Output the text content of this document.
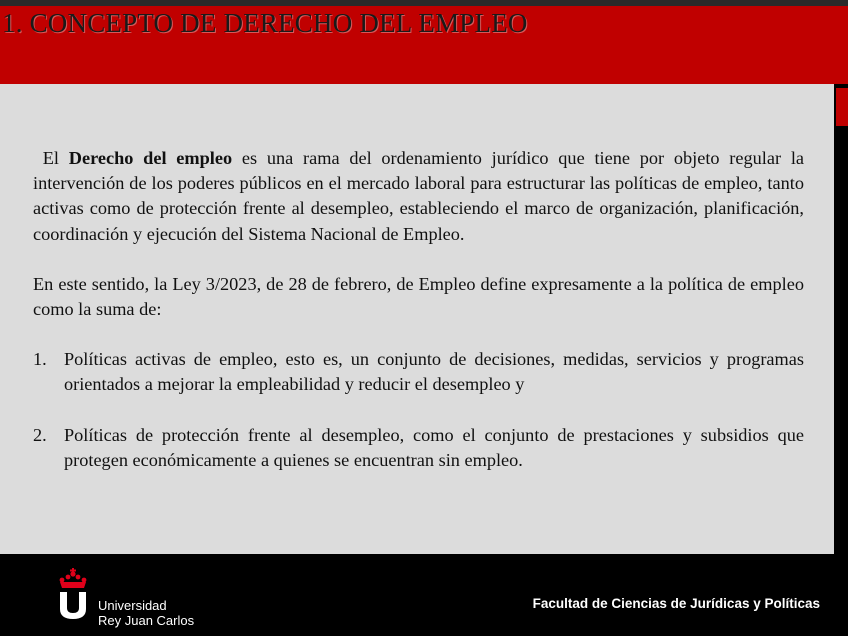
1. CONCEPTO DE DERECHO DEL EMPLEO

El Derecho del empleo es una rama del ordenamiento jurídico que tiene por objeto regular la intervención de los poderes públicos en el mercado laboral para estructurar las políticas de empleo, tanto activas como de protección frente al desempleo, estableciendo el marco de organización, planificación, coordinación y ejecución del Sistema Nacional de Empleo.

En este sentido, la Ley 3/2023, de 28 de febrero, de Empleo define expresamente a la política de empleo como la suma de:

1. Políticas activas de empleo, esto es, un conjunto de decisiones, medidas, servicios y programas orientados a mejorar la empleabilidad y reducir el desempleo y
2. Políticas de protección frente al desempleo, como el conjunto de prestaciones y subsidios que protegen económicamente a quienes se encuentran sin empleo.
Universidad
Rey Juan Carlos
Facultad de Ciencias de Jurídicas y Políticas
